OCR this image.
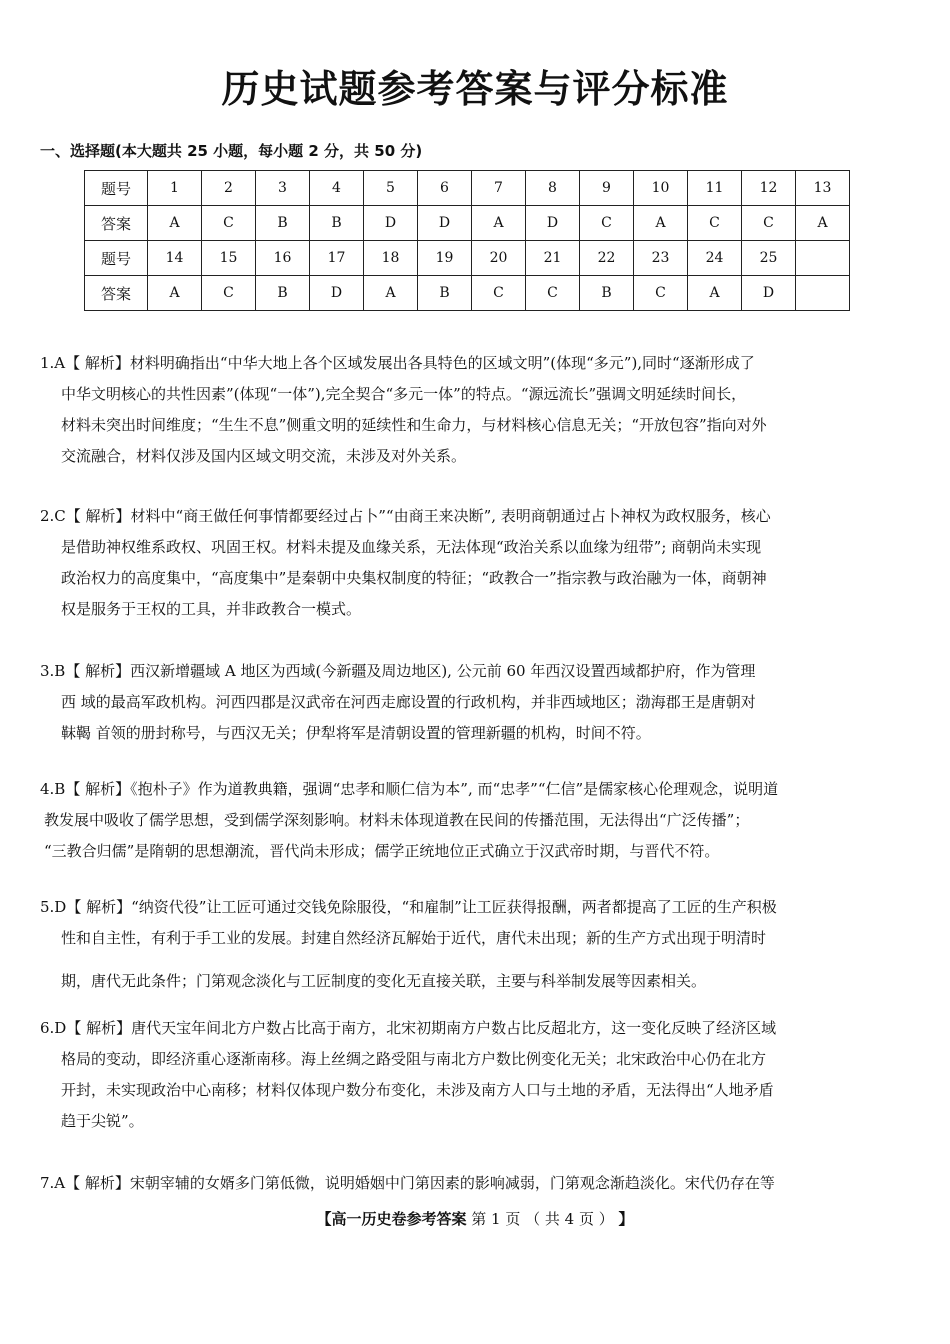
历史试题参考答案与评分标准
一、选择题(本大题共 25 小题，每小题 2 分，共 50 分)
题号	1	2	3	4	5	6	7	8	9	10	11	12	13
答案	A	C	B	B	D	D	A	D	C	A	C	C	A
题号	14	15	16	17	18	19	20	21	22	23	24	25	
答案	A	C	B	D	A	B	C	C	B	C	A	D	
1.A【 解析】材料明确指出“中华大地上各个区域发展出各具特色的区域文明”(体现“多元”),同时“逐渐形成了
中华文明核心的共性因素”(体现“一体”),完全契合“多元一体”的特点。“源远流长”强调文明延续时间长，
材料未突出时间维度；“生生不息”侧重文明的延续性和生命力，与材料核心信息无关；“开放包容”指向对外
交流融合，材料仅涉及国内区域文明交流，未涉及对外关系。
2.C【 解析】材料中“商王做任何事情都要经过占卜”“由商王来决断”, 表明商朝通过占卜神权为政权服务，核心
是借助神权维系政权、巩固王权。材料未提及血缘关系，无法体现“政治关系以血缘为纽带”; 商朝尚未实现
政治权力的高度集中，“高度集中”是秦朝中央集权制度的特征；“政教合一”指宗教与政治融为一体，商朝神
权是服务于王权的工具，并非政教合一模式。
3.B【 解析】西汉新增疆域 A 地区为西域(今新疆及周边地区), 公元前 60 年西汉设置西域都护府，作为管理
西 域的最高军政机构。河西四郡是汉武帝在河西走廊设置的行政机构，并非西域地区；渤海郡王是唐朝对
靺鞨 首领的册封称号，与西汉无关；伊犁将军是清朝设置的管理新疆的机构，时间不符。
4.B【 解析】《抱朴子》作为道教典籍，强调“忠孝和顺仁信为本”, 而“忠孝”“仁信”是儒家核心伦理观念，说明道
教发展中吸收了儒学思想，受到儒学深刻影响。材料未体现道教在民间的传播范围，无法得出“广泛传播”；
“三教合归儒”是隋朝的思想潮流，晋代尚未形成；儒学正统地位正式确立于汉武帝时期，与晋代不符。
5.D【 解析】“纳资代役”让工匠可通过交钱免除服役，“和雇制”让工匠获得报酬，两者都提高了工匠的生产积极
性和自主性，有利于手工业的发展。封建自然经济瓦解始于近代，唐代未出现；新的生产方式出现于明清时
期，唐代无此条件；门第观念淡化与工匠制度的变化无直接关联，主要与科举制发展等因素相关。
6.D【 解析】唐代天宝年间北方户数占比高于南方，北宋初期南方户数占比反超北方，这一变化反映了经济区域
格局的变动，即经济重心逐渐南移。海上丝绸之路受阻与南北方户数比例变化无关；北宋政治中心仍在北方
开封，未实现政治中心南移；材料仅体现户数分布变化，未涉及南方人口与土地的矛盾，无法得出“人地矛盾
趋于尖锐”。
7.A【 解析】宋朝宰辅的女婿多门第低微，说明婚姻中门第因素的影响减弱，门第观念渐趋淡化。宋代仍存在等
【高一历史卷参考答案 第 1 页 （ 共 4 页 ） 】
